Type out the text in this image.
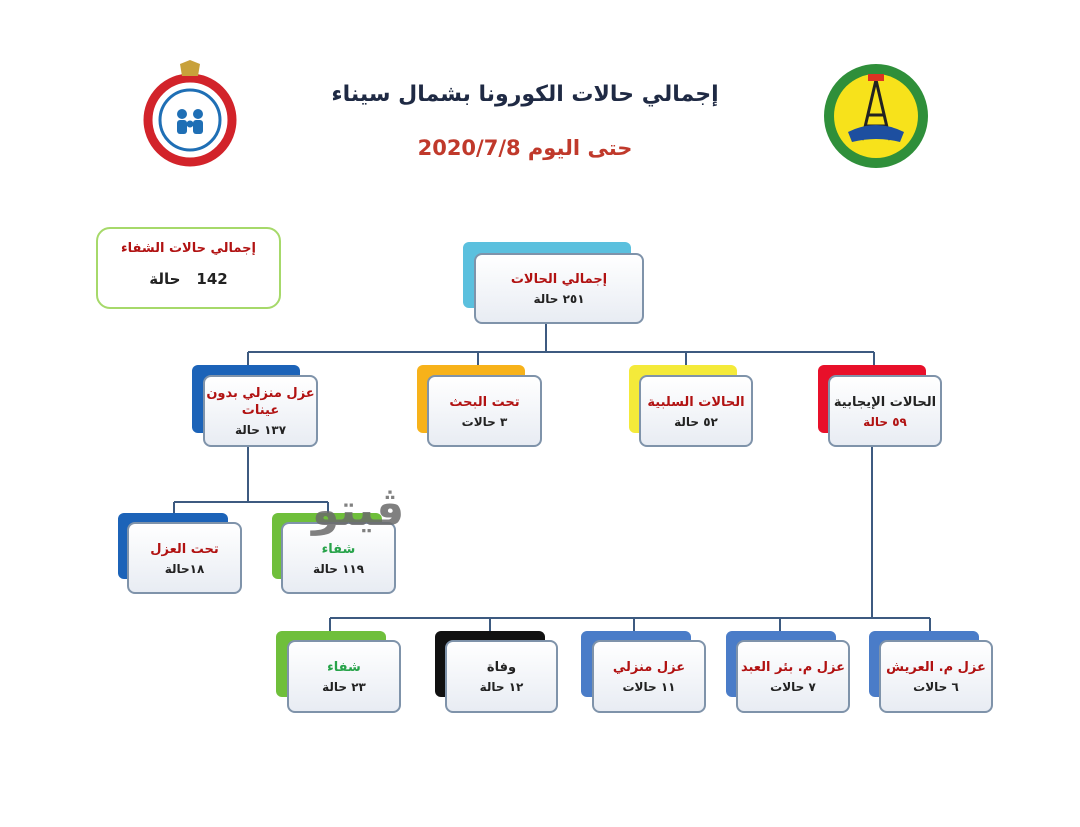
إجمالي حالات الكورونا بشمال سيناء
حتى اليوم 2020/7/8
إجمالي حالات الشفاء
142حالة	إجمالي الحالات
٢٥١ حالة
الحالات الإيجابية
٥٩ حالة
الحالات السلبية
٥٢ حالة
تحت البحث
٣ حالات
عزل منزلي بدون عينات
١٣٧ حالة
تحت العزل
١٨حالة
شفاء
١١٩ حالة
شفاء
٢٣ حالة
وفاة
١٢ حالة
عزل منزلي
١١ حالات
عزل م. بئر العبد
٧ حالات
عزل م. العريش
٦ حالات
ڤيتو
